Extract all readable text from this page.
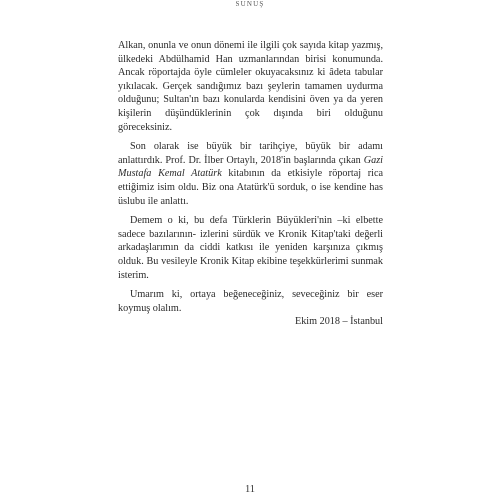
SUNUŞ

Alkan, onunla ve onun dönemi ile ilgili çok sayıda kitap yazmış, ülkedeki Abdülhamid Han uzmanlarından birisi konumunda. Ancak röportajda öyle cümleler okuyacaksınız ki âdeta tabular yıkılacak. Gerçek sandığımız bazı şeylerin tamamen uydurma olduğunu; Sultan'ın bazı konularda kendisini öven ya da yeren kişilerin düşündüklerinin çok dışında biri olduğunu göreceksiniz.

Son olarak ise büyük bir tarihçiye, büyük bir adamı anlattırdık. Prof. Dr. İlber Ortaylı, 2018'in başlarında çıkan Gazi Mustafa Kemal Atatürk kitabının da etkisiyle röportaj rica ettiğimiz isim oldu. Biz ona Atatürk'ü sorduk, o ise kendine has üslubu ile anlattı.

Demem o ki, bu defa Türklerin Büyükleri'nin –ki elbette sadece bazılarının- izlerini sürdük ve Kronik Kitap'taki değerli arkadaşlarımın da ciddi katkısı ile yeniden karşınıza çıkmış olduk. Bu vesileyle Kronik Kitap ekibine teşekkürlerimi sunmak isterim.

Umarım ki, ortaya beğeneceğiniz, seveceğiniz bir eser koymuş olalım.

Ekim 2018 – İstanbul

11
